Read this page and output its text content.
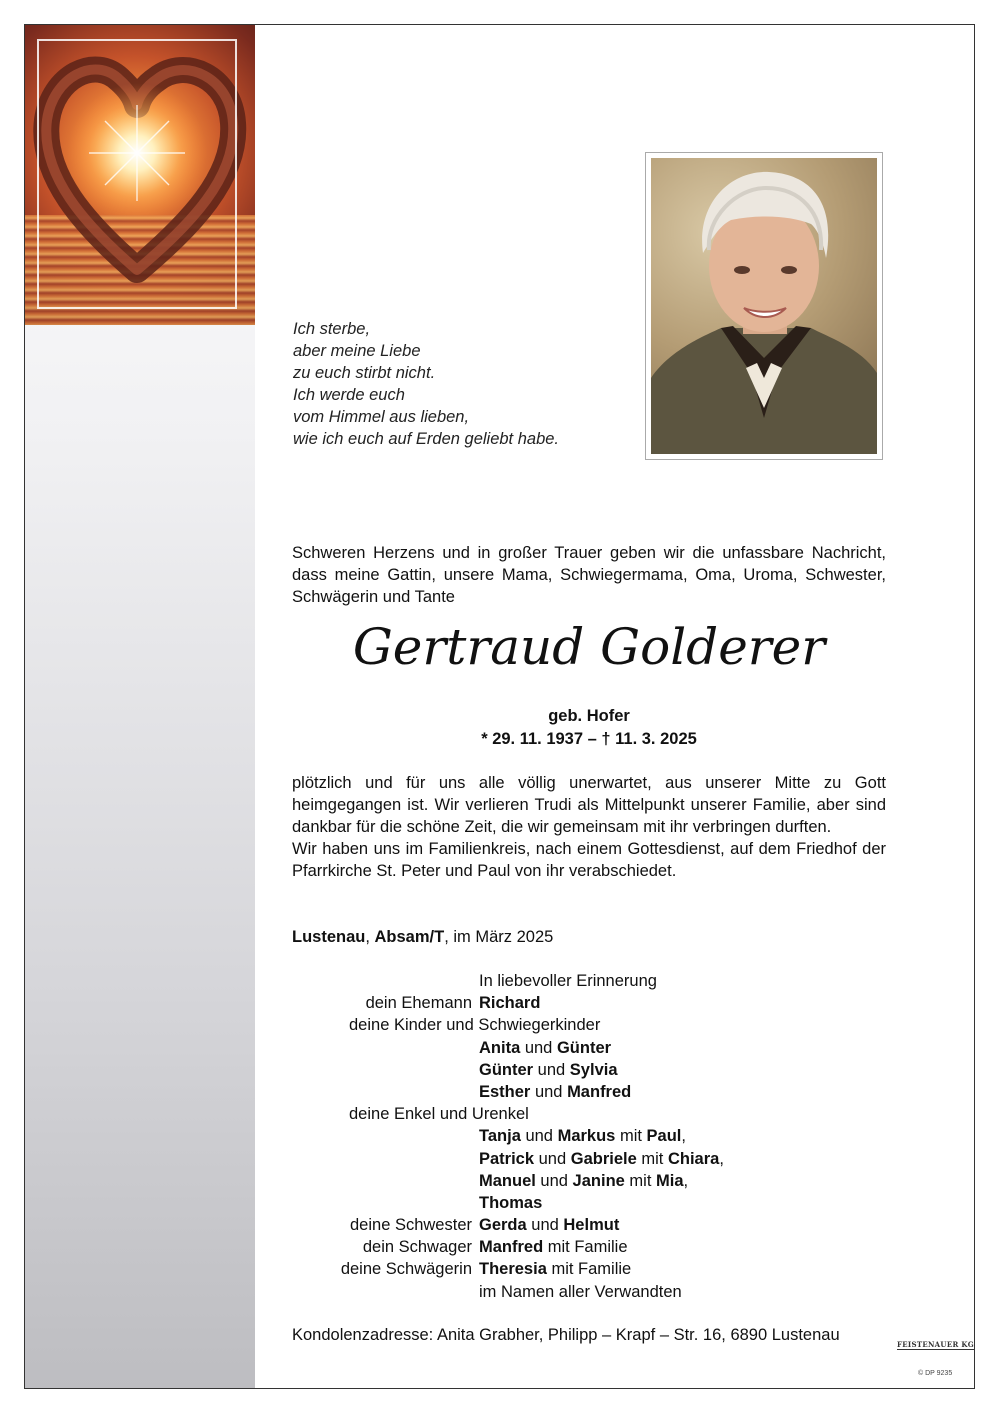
Ich sterbe,
aber meine Liebe
zu euch stirbt nicht.
Ich werde euch
vom Himmel aus lieben,
wie ich euch auf Erden geliebt habe.
Schweren Herzens und in großer Trauer geben wir die unfassbare Nachricht, dass meine Gattin, unsere Mama, Schwiegermama, Oma, Uroma, Schwester, Schwägerin und Tante
Gertraud Golderer
geb. Hofer
* 29. 11. 1937 – † 11. 3. 2025

plötzlich und für uns alle völlig unerwartet, aus unserer Mitte zu Gott heimgegangen ist. Wir verlieren Trudi als Mittelpunkt unserer Familie, aber sind dankbar für die schöne Zeit, die wir gemeinsam mit ihr verbringen durften.

Wir haben uns im Familienkreis, nach einem Gottesdienst, auf dem Friedhof der Pfarrkirche St. Peter und Paul von ihr verabschiedet.

Lustenau, Absam/T, im März 2025
In liebevoller Erinnerung
dein Ehemann Richard
deine Kinder und Schwiegerkinder
Anita und Günter
Günter und Sylvia
Esther und Manfred
deine Enkel und Urenkel
Tanja und Markus mit Paul,
Patrick und Gabriele mit Chiara,
Manuel und Janine mit Mia,
Thomas
deine Schwester Gerda und Helmut
dein Schwager Manfred mit Familie
deine Schwägerin Theresia mit Familie
im Namen aller Verwandten
Kondolenzadresse: Anita Grabher, Philipp – Krapf – Str. 16, 6890 Lustenau
FEISTENAUER KG
© DP 9235
